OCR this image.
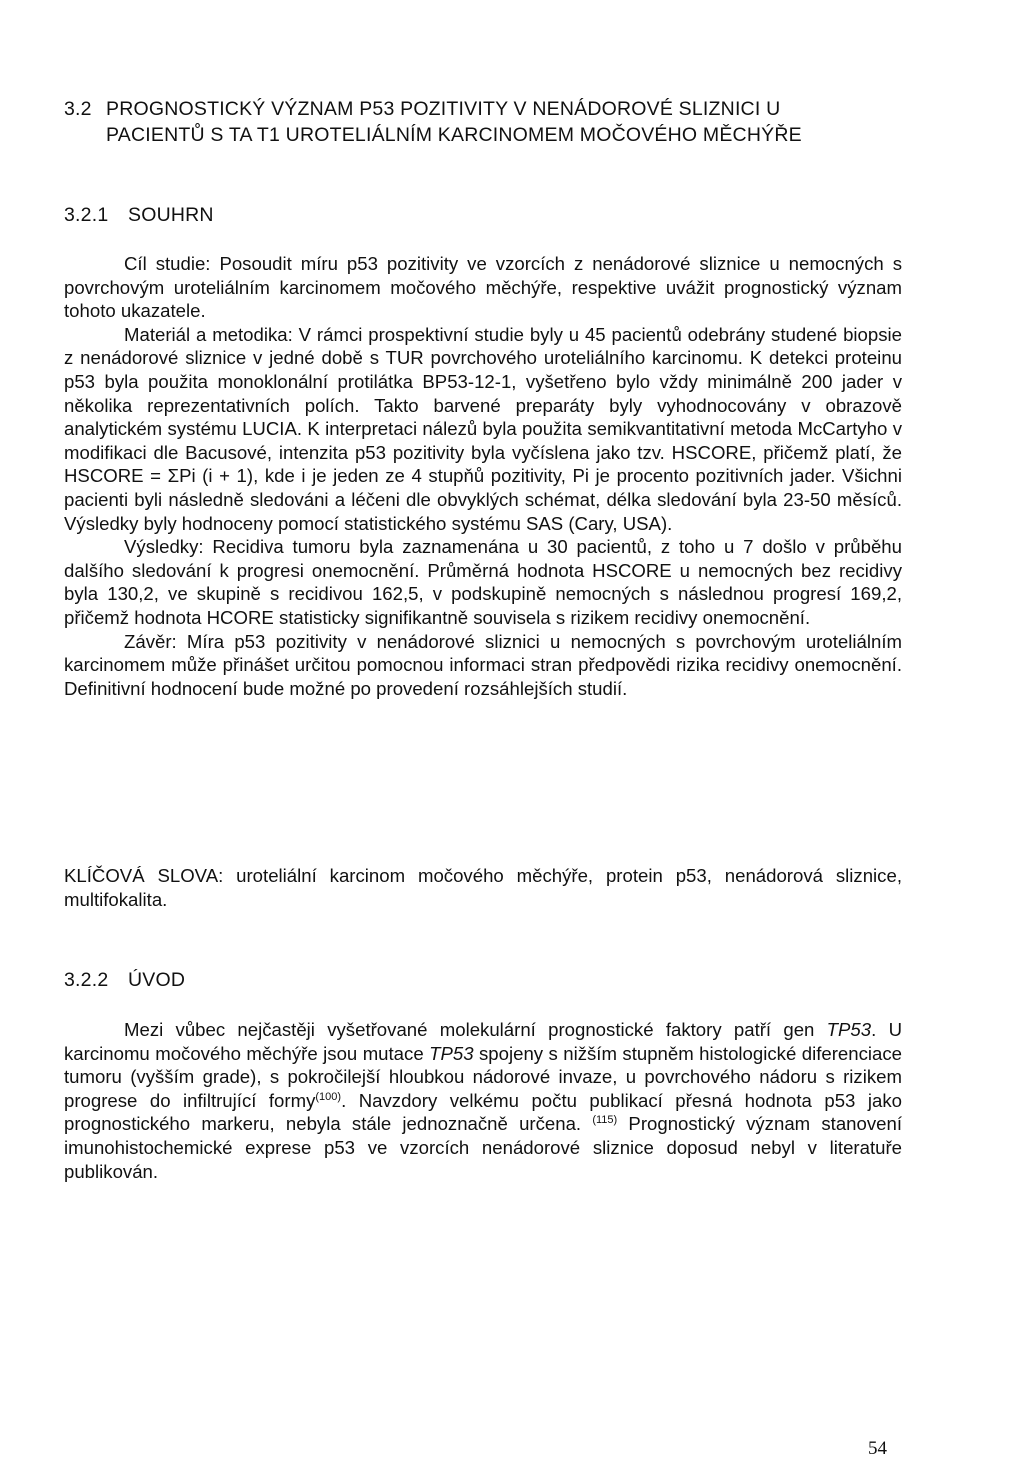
3.2 PROGNOSTICKÝ VÝZNAM P53 POZITIVITY V NENÁDOROVÉ SLIZNICI U
PACIENTŮ S TA T1 UROTELIÁLNÍM KARCINOMEM MOČOVÉHO MĚCHÝŘE
3.2.1 SOUHRN

Cíl studie: Posoudit míru p53 pozitivity ve vzorcích z nenádorové sliznice u nemocných s povrchovým uroteliálním karcinomem močového měchýře, respektive uvážit prognostický význam tohoto ukazatele.

Materiál a metodika: V rámci prospektivní studie byly u 45 pacientů odebrány studené biopsie z nenádorové sliznice v jedné době s TUR povrchového uroteliálního karcinomu. K detekci proteinu p53 byla použita monoklonální protilátka BP53-12-1, vyšetřeno bylo vždy minimálně 200 jader v několika reprezentativních polích. Takto barvené preparáty byly vyhodnocovány v obrazově analytickém systému LUCIA. K interpretaci nálezů byla použita semikvantitativní metoda McCartyho v modifikaci dle Bacusové, intenzita p53 pozitivity byla vyčíslena jako tzv. HSCORE, přičemž platí, že HSCORE = ΣPi (i + 1), kde i je jeden ze 4 stupňů pozitivity, Pi je procento pozitivních jader. Všichni pacienti byli následně sledováni a léčeni dle obvyklých schémat, délka sledování byla 23-50 měsíců. Výsledky byly hodnoceny pomocí statistického systému SAS (Cary, USA).

Výsledky: Recidiva tumoru byla zaznamenána u 30 pacientů, z toho u 7 došlo v průběhu dalšího sledování k progresi onemocnění. Průměrná hodnota HSCORE u nemocných bez recidivy byla 130,2, ve skupině s recidivou 162,5, v podskupině nemocných s následnou progresí 169,2, přičemž hodnota HCORE statisticky signifikantně souvisela s rizikem recidivy onemocnění.

Závěr: Míra p53 pozitivity v nenádorové sliznici u nemocných s povrchovým uroteliálním karcinomem může přinášet určitou pomocnou informaci stran předpovědi rizika recidivy onemocnění. Definitivní hodnocení bude možné po provedení rozsáhlejších studií.

KLÍČOVÁ SLOVA: uroteliální karcinom močového měchýře, protein p53, nenádorová sliznice, multifokalita.
3.2.2 ÚVOD

Mezi vůbec nejčastěji vyšetřované molekulární prognostické faktory patří gen TP53. U karcinomu močového měchýře jsou mutace TP53 spojeny s nižším stupněm histologické diferenciace tumoru (vyšším grade), s pokročilejší hloubkou nádorové invaze, u povrchového nádoru s rizikem progrese do infiltrující formy$^{(100)}$. Navzdory velkému počtu publikací přesná hodnota p53 jako prognostického markeru, nebyla stále jednoznačně určena. $^{(115)}$ Prognostický význam stanovení imunohistochemické exprese p53 ve vzorcích nenádorové sliznice doposud nebyl v literatuře publikován.

54
